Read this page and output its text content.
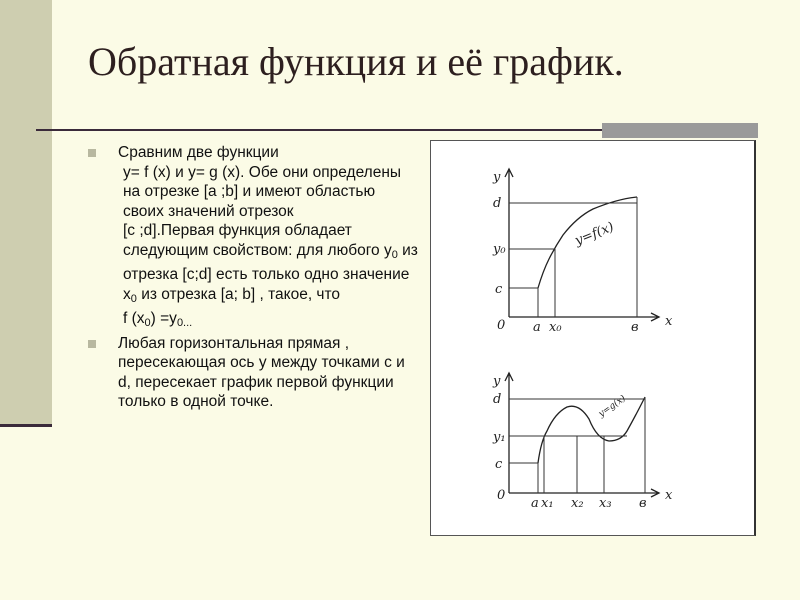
Обратная функция и её график.

Сравним две функции

y= f (x) и y= g (x). Обе они определены на отрезке [a ;b] и имеют областью своих значений отрезок

[c ;d].Первая функция обладает следующим свойством: для любого $y_0$ из отрезка [c;d] есть только одно значение $x_0$ из отрезка [a; b] , такое, что

f $(x_0) =y_{0...}$

Любая горизонтальная прямая , пересекающая ось y между точками c и d, пересекает график первой функции только в одной точке.

y
x
0
d
y₀
c
a x₀	в
y=f(x)
y
x
0
d
y₁
c
a x₁ x₂ x₃ в
y=g(x)
